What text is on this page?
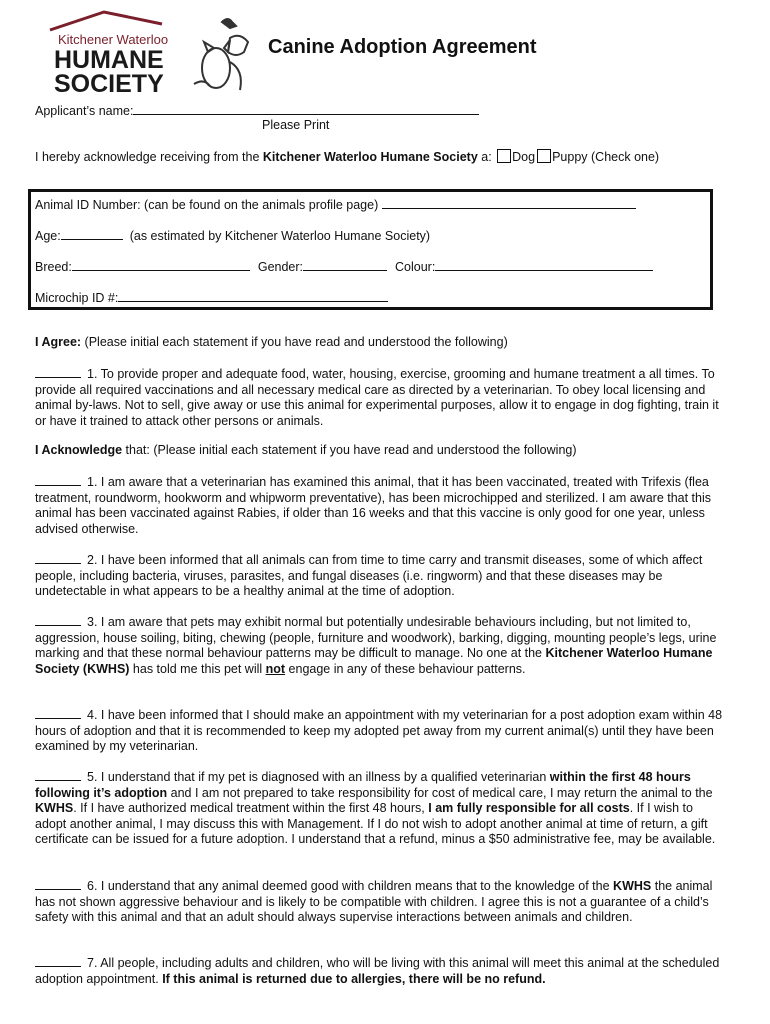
Kitchener Waterloo
HUMANE
SOCIETY
Canine Adoption Agreement
Applicant’s name:
Please Print
I hereby acknowledge receiving from the Kitchener Waterloo Humane Society a: Dog Puppy (Check one)
Animal ID Number: (can be found on the animals profile page)
Age:	(as estimated by Kitchener Waterloo Humane Society)
Breed:	Gender:	Colour:
Microchip ID #:
I Agree: (Please initial each statement if you have read and understood the following)
1. To provide proper and adequate food, water, housing, exercise, grooming and humane treatment a all times. To provide all required vaccinations and all necessary medical care as directed by a veterinarian. To obey local licensing and animal by-laws. Not to sell, give away or use this animal for experimental purposes, allow it to engage in dog fighting, train it or have it trained to attack other persons or animals.
I Acknowledge that: (Please initial each statement if you have read and understood the following)
1. I am aware that a veterinarian has examined this animal, that it has been vaccinated, treated with Trifexis (flea treatment, roundworm, hookworm and whipworm preventative), has been microchipped and sterilized. I am aware that this animal has been vaccinated against Rabies, if older than 16 weeks and that this vaccine is only good for one year, unless advised otherwise.
2. I have been informed that all animals can from time to time carry and transmit diseases, some of which affect people, including bacteria, viruses, parasites, and fungal diseases (i.e. ringworm) and that these diseases may be undetectable in what appears to be a healthy animal at the time of adoption.
3. I am aware that pets may exhibit normal but potentially undesirable behaviours including, but not limited to, aggression, house soiling, biting, chewing (people, furniture and woodwork), barking, digging, mounting people’s legs, urine marking and that these normal behaviour patterns may be difficult to manage. No one at the Kitchener Waterloo Humane Society (KWHS) has told me this pet will not engage in any of these behaviour patterns.
4. I have been informed that I should make an appointment with my veterinarian for a post adoption exam within 48 hours of adoption and that it is recommended to keep my adopted pet away from my current animal(s) until they have been examined by my veterinarian.
5. I understand that if my pet is diagnosed with an illness by a qualified veterinarian within the first 48 hours following it’s adoption and I am not prepared to take responsibility for cost of medical care, I may return the animal to the KWHS. If I have authorized medical treatment within the first 48 hours, I am fully responsible for all costs. If I wish to adopt another animal, I may discuss this with Management. If I do not wish to adopt another animal at time of return, a gift certificate can be issued for a future adoption. I understand that a refund, minus a $50 administrative fee, may be available.
6. I understand that any animal deemed good with children means that to the knowledge of the KWHS the animal has not shown aggressive behaviour and is likely to be compatible with children. I agree this is not a guarantee of a child’s safety with this animal and that an adult should always supervise interactions between animals and children.
7. All people, including adults and children, who will be living with this animal will meet this animal at the scheduled adoption appointment. If this animal is returned due to allergies, there will be no refund.
